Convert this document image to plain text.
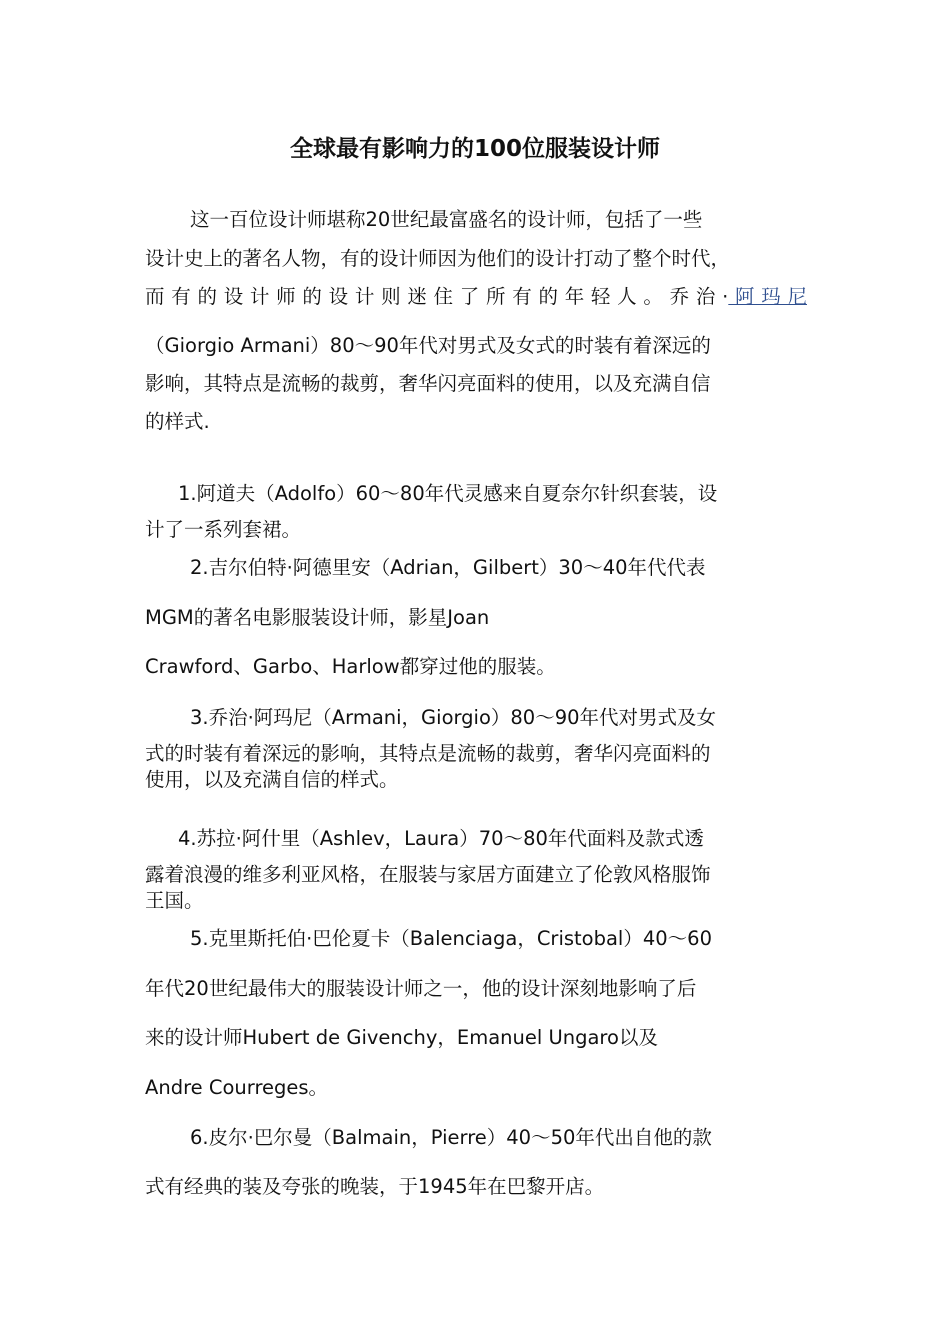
全球最有影响力的100位服装设计师
这一百位设计师堪称20世纪最富盛名的设计师，包括了一些
设计史上的著名人物，有的设计师因为他们的设计打动了整个时代，
而有的设计师的设计则迷住了所有的年轻人。乔治·阿玛尼
（Giorgio Armani）80～90年代对男式及女式的时装有着深远的
影响，其特点是流畅的裁剪，奢华闪亮面料的使用，以及充满自信
的样式.
1.阿道夫（Adolfo）60～80年代灵感来自夏奈尔针织套装，设
计了一系列套裙。
2.吉尔伯特·阿德里安（Adrian，Gilbert）30～40年代代表
MGM的著名电影服装设计师，影星Joan
Crawford、Garbo、Harlow都穿过他的服装。
3.乔治·阿玛尼（Armani，Giorgio）80～90年代对男式及女
式的时装有着深远的影响，其特点是流畅的裁剪，奢华闪亮面料的
使用，以及充满自信的样式。
4.苏拉·阿什里（Ashlev，Laura）70～80年代面料及款式透
露着浪漫的维多利亚风格，在服装与家居方面建立了伦敦风格服饰
王国。
5.克里斯托伯·巴伦夏卡（Balenciaga，Cristobal）40～60
年代20世纪最伟大的服装设计师之一，他的设计深刻地影响了后
来的设计师Hubert de Givenchy，Emanuel Ungaro以及
Andre Courreges。
6.皮尔·巴尔曼（Balmain，Pierre）40～50年代出自他的款
式有经典的装及夸张的晚装，于1945年在巴黎开店。
